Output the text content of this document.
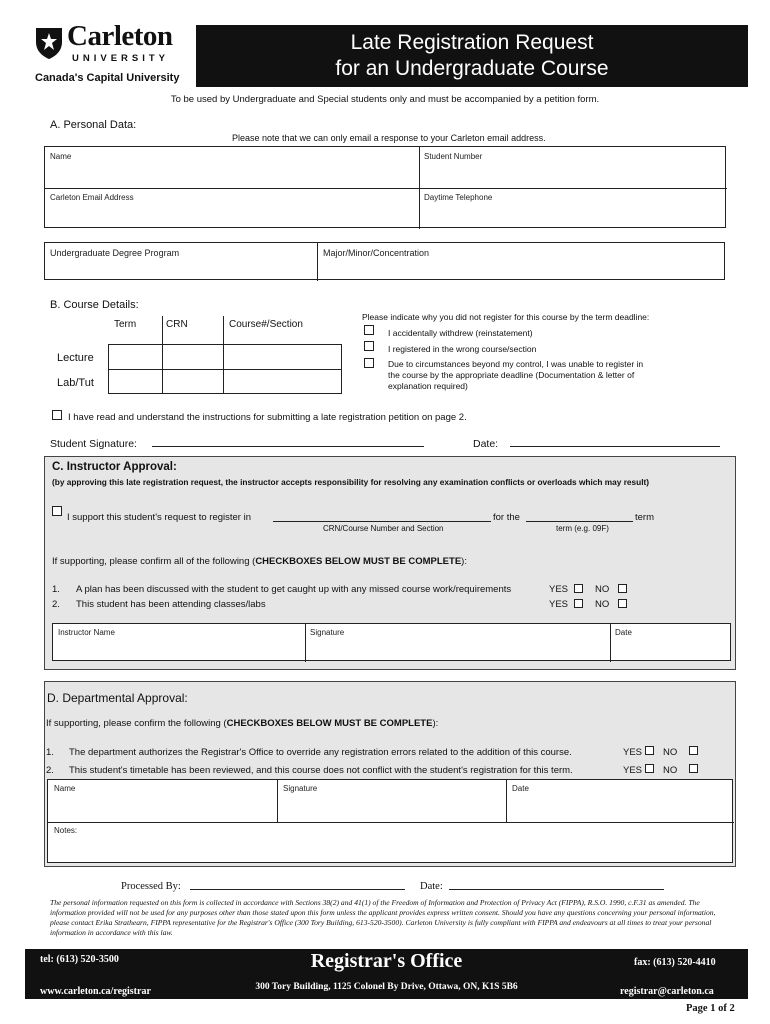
Carleton
UNIVERSITY
Canada's Capital University
Late Registration Request
for an Undergraduate Course
To be used by Undergraduate and Special students only and must be accompanied by a petition form.
A. Personal Data:
Please note that we can only email a response to your Carleton email address.
Name	Student Number
Carleton Email Address	Daytime Telephone
Undergraduate Degree Program	Major/Minor/Concentration
B. Course Details:
Term	CRN	Course#/Section
Lecture
Lab/Tut
Please indicate why you did not register for this course by the term deadline:
I accidentally withdrew (reinstatement)
I registered in the wrong course/section
Due to circumstances beyond my control, I was unable to register in
the course by the appropriate deadline (Documentation & letter of
explanation required)
I have read and understand the instructions for submitting a late registration petition on page 2.
Student Signature:	Date:
C. Instructor Approval:
(by approving this late registration request, the instructor accepts responsibility for resolving any examination conflicts or overloads which may result)
I support this student's request to register in	for the	term
CRN/Course Number and Section	term (e.g. 09F)
If supporting, please confirm all of the following (CHECKBOXES BELOW MUST BE COMPLETE):
1. A plan has been discussed with the student to get caught up with any missed course work/requirements	YES	NO
2. This student has been attending classes/labs	YES	NO
Instructor Name	Signature	Date
D. Departmental Approval:
If supporting, please confirm the following (CHECKBOXES BELOW MUST BE COMPLETE):
1. The department authorizes the Registrar's Office to override any registration errors related to the addition of this course.	YES NO
2. This student's timetable has been reviewed, and this course does not conflict with the student's registration for this term.	YES NO
Name	Signature	Date
Notes:
Processed By:	Date:
The personal information requested on this form is collected in accordance with Sections 38(2) and 41(1) of the Freedom of Information and Protection of Privacy Act (FIPPA), R.S.O. 1990, c.F.31 as amended. The information provided will not be used for any purposes other than those stated upon this form unless the applicant provides express written consent. Should you have any questions concerning your personal information, please contact Erika Strathearn, FIPPA representative for the Registrar's Office (300 Tory Building, 613-520-3500). Carleton University is fully compliant with FIPPA and endeavours at all times to treat your personal information in accordance with this law.
tel: (613) 520-3500	Registrar's Office	fax: (613) 520-4410
www.carleton.ca/registrar	300 Tory Building, 1125 Colonel By Drive, Ottawa, ON, K1S 5B6	registrar@carleton.ca
Page 1 of 2
